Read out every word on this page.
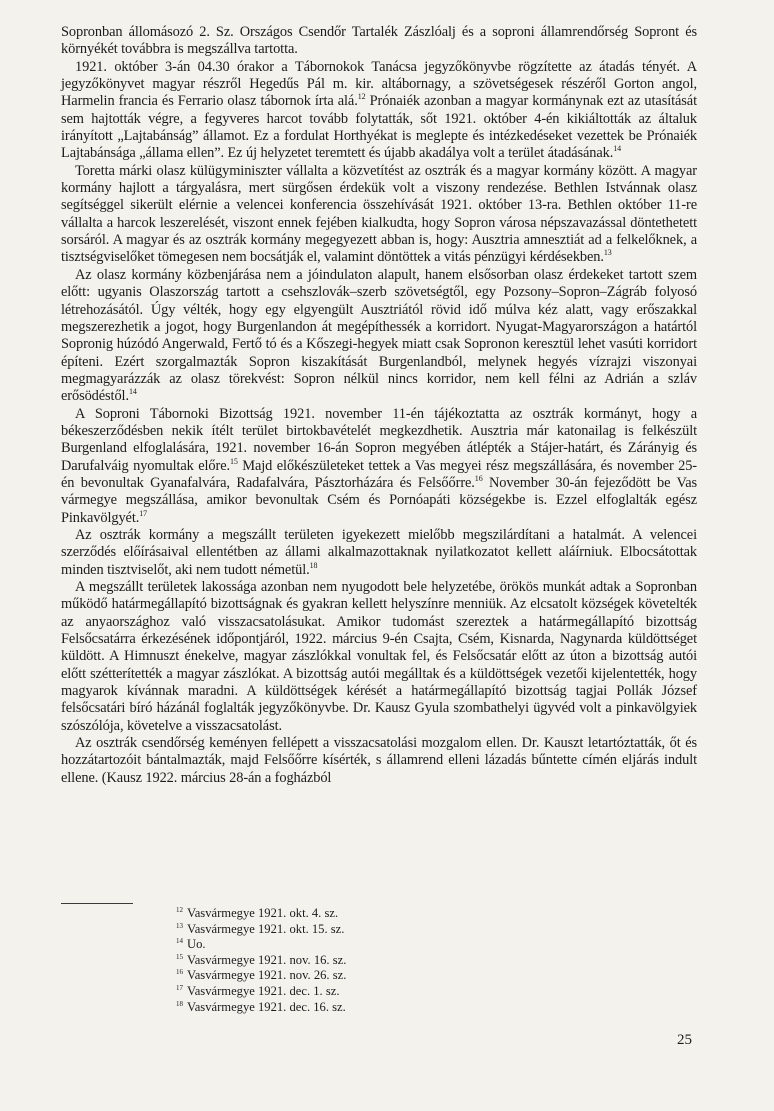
Sopronban állomásozó 2. Sz. Országos Csendőr Tartalék Zászlóalj és a soproni államrendőrség Sopront és környékét továbbra is megszállva tartotta.

1921. október 3-án 04.30 órakor a Tábornokok Tanácsa jegyzőkönyvbe rögzítette az átadás tényét. A jegyzőkönyvet magyar részről Hegedűs Pál m. kir. altábornagy, a szövetségesek részéről Gorton angol, Harmelin francia és Ferrario olasz tábornok írta alá.$^{12}$ Prónaiék azonban a magyar kormánynak ezt az utasítását sem hajtották végre, a fegyveres harcot tovább folytatták, sőt 1921. október 4-én kikiáltották az általuk irányított „Lajtabánság” államot. Ez a fordulat Horthyékat is meglepte és intézkedéseket vezettek be Prónaiék Lajtabánsága „állama ellen”. Ez új helyzetet teremtett és újabb akadálya volt a terület átadásának.$^{14}$

Toretta márki olasz külügyminiszter vállalta a közvetítést az osztrák és a magyar kormány között. A magyar kormány hajlott a tárgyalásra, mert sürgősen érdekük volt a viszony rendezése. Bethlen Istvánnak olasz segítséggel sikerült elérnie a velencei konferencia összehívását 1921. október 13-ra. Bethlen október 11-re vállalta a harcok leszerelését, viszont ennek fejében kialkudta, hogy Sopron városa népszavazással döntethetett sorsáról. A magyar és az osztrák kormány megegyezett abban is, hogy: Ausztria amnesztiát ad a felkelőknek, a tisztségviselőket tömegesen nem bocsátják el, valamint döntöttek a vitás pénzügyi kérdésekben.$^{13}$

Az olasz kormány közbenjárása nem a jóindulaton alapult, hanem elsősorban olasz érdekeket tartott szem előtt: ugyanis Olaszország tartott a csehszlovák–szerb szövetségtől, egy Pozsony–Sopron–Zágráb folyosó létrehozásától. Úgy vélték, hogy egy elgyengült Ausztriától rövid idő múlva kéz alatt, vagy erőszakkal megszerezhetik a jogot, hogy Burgenlandon át megépíthessék a korridort. Nyugat-Magyarországon a határtól Sopronig húzódó Angerwald, Fertő tó és a Kőszegi-hegyek miatt csak Sopronon keresztül lehet vasúti korridort építeni. Ezért szorgalmazták Sopron kiszakítását Burgenlandból, melynek hegyés vízrajzi viszonyai megmagyarázzák az olasz törekvést: Sopron nélkül nincs korridor, nem kell félni az Adrián a szláv erősödéstől.$^{14}$

A Soproni Tábornoki Bizottság 1921. november 11-én tájékoztatta az osztrák kormányt, hogy a békeszerződésben nekik ítélt terület birtokbavételét megkezdhetik. Ausztria már katonailag is felkészült Burgenland elfoglalására, 1921. november 16-án Sopron megyében átlépték a Stájer-határt, és Zárányig és Darufalváig nyomultak előre.$^{15}$ Majd előkészületeket tettek a Vas megyei rész megszállására, és november 25-én bevonultak Gyanafalvára, Radafalvára, Pásztorházára és Felsőőrre.$^{16}$ November 30-án fejeződött be Vas vármegye megszállása, amikor bevonultak Csém és Pornóapáti községekbe is. Ezzel elfoglalták egész Pinkavölgyét.$^{17}$

Az osztrák kormány a megszállt területen igyekezett mielőbb megszilárdítani a hatalmát. A velencei szerződés előírásaival ellentétben az állami alkalmazottaknak nyilatkozatot kellett aláírniuk. Elbocsátottak minden tisztviselőt, aki nem tudott németül.$^{18}$

A megszállt területek lakossága azonban nem nyugodott bele helyzetébe, örökös munkát adtak a Sopronban működő határmegállapító bizottságnak és gyakran kellett helyszínre menniük. Az elcsatolt községek követelték az anyaországhoz való visszacsatolásukat. Amikor tudomást szereztek a határmegállapító bizottság Felsőcsatárra érkezésének időpontjáról, 1922. március 9-én Csajta, Csém, Kisnarda, Nagynarda küldöttséget küldött. A Himnuszt énekelve, magyar zászlókkal vonultak fel, és Felsőcsatár előtt az úton a bizottság autói előtt szétterítették a magyar zászlókat. A bizottság autói megálltak és a küldöttségek vezetői kijelentették, hogy magyarok kívánnak maradni. A küldöttségek kérését a határmegállapító bizottság tagjai Pollák József felsőcsatári bíró házánál foglalták jegyzőkönyvbe. Dr. Kausz Gyula szombathelyi ügyvéd volt a pinkavölgyiek szószólója, követelve a visszacsatolást.

Az osztrák csendőrség keményen fellépett a visszacsatolási mozgalom ellen. Dr. Kauszt letartóztatták, őt és hozzátartozóit bántalmazták, majd Felsőőrre kísérték, s államrend elleni lázadás bűntette címén eljárás indult ellene. (Kausz 1922. március 28-án a fogházból

$^{12}$ Vasvármegye 1921. okt. 4. sz.
$^{13}$ Vasvármegye 1921. okt. 15. sz.
$^{14}$ Uo.
$^{15}$ Vasvármegye 1921. nov. 16. sz.
$^{16}$ Vasvármegye 1921. nov. 26. sz.
$^{17}$ Vasvármegye 1921. dec. 1. sz.
$^{18}$ Vasvármegye 1921. dec. 16. sz.
25
